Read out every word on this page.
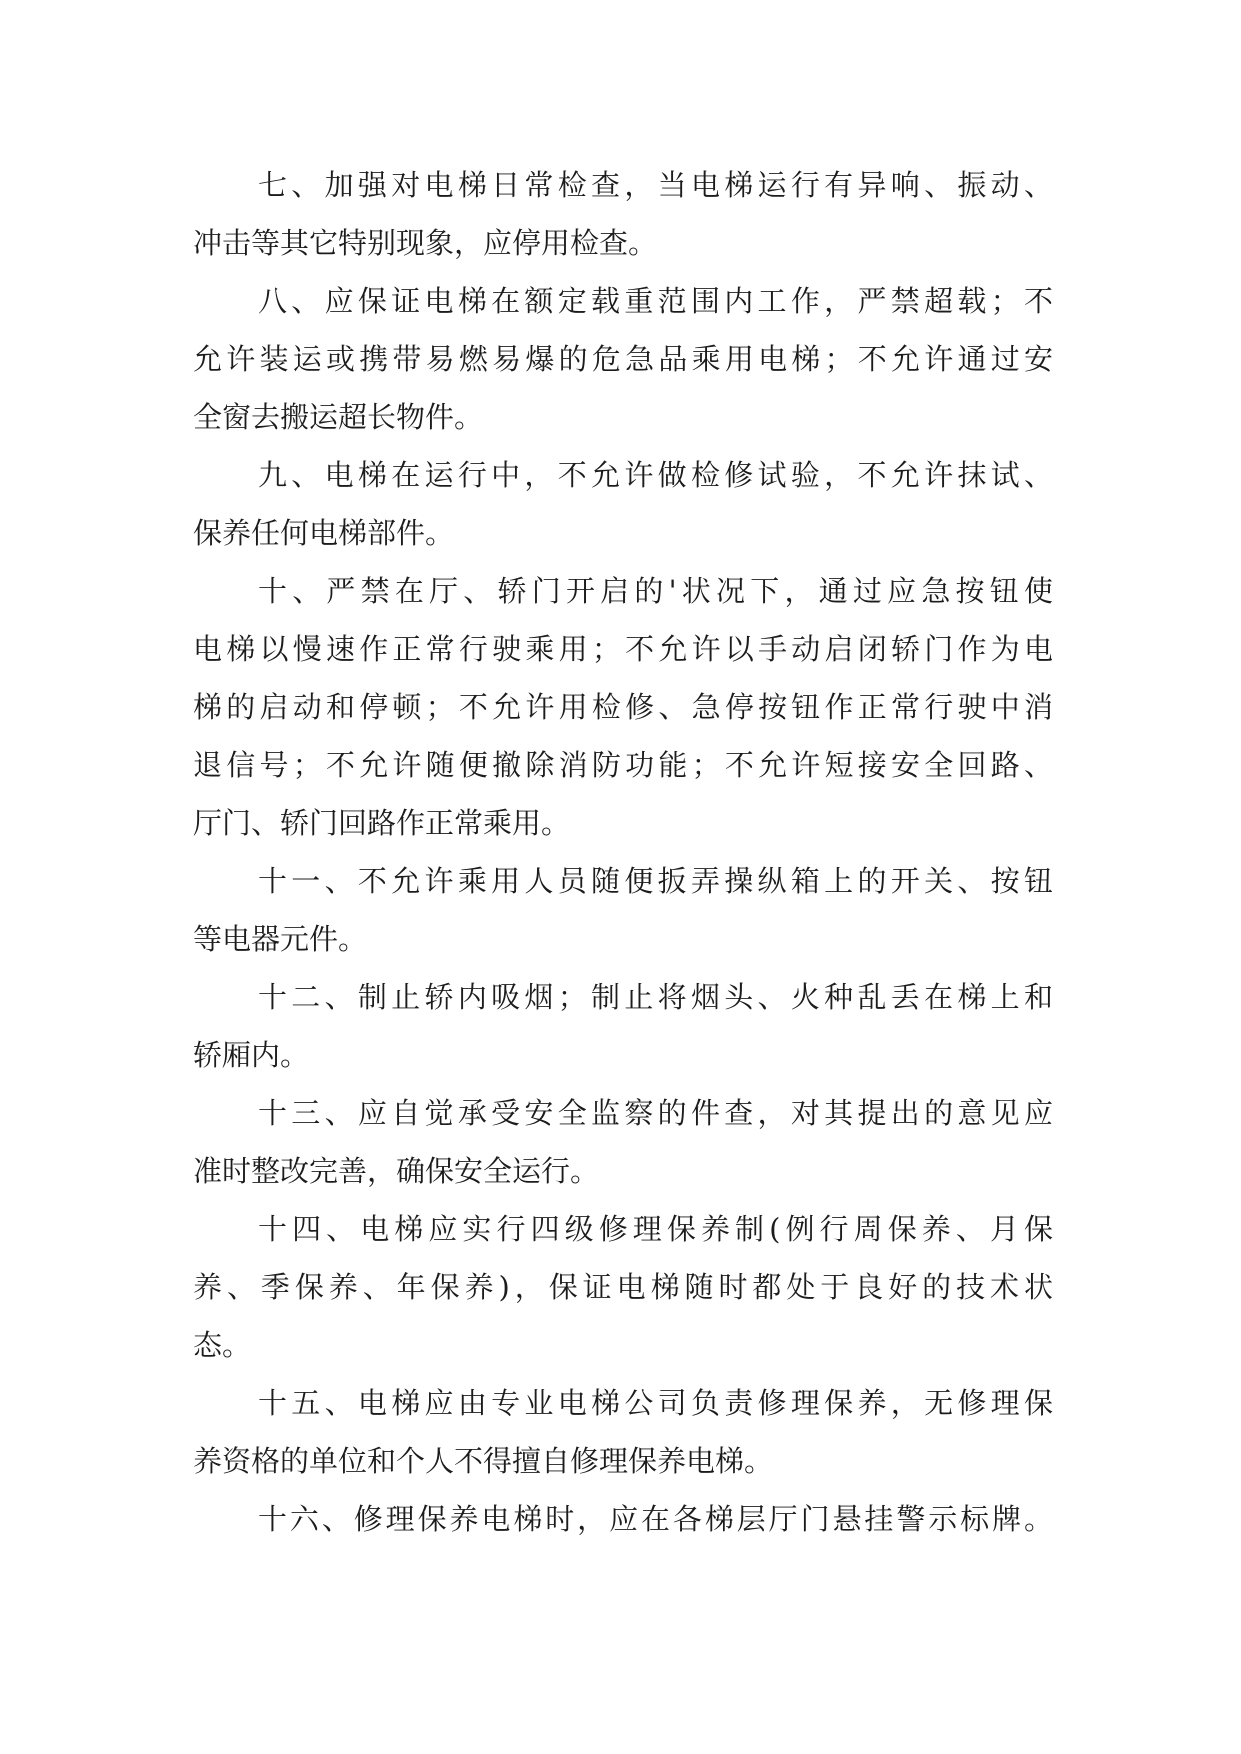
七、加强对电梯日常检查，当电梯运行有异响、振动、
冲击等其它特别现象，应停用检查。
八、应保证电梯在额定载重范围内工作，严禁超载；不
允许装运或携带易燃易爆的危急品乘用电梯；不允许通过安
全窗去搬运超长物件。
九、电梯在运行中，不允许做检修试验，不允许抹试、
保养任何电梯部件。
十、严禁在厅、轿门开启的'状况下，通过应急按钮使
电梯以慢速作正常行驶乘用；不允许以手动启闭轿门作为电
梯的启动和停顿；不允许用检修、急停按钮作正常行驶中消
退信号；不允许随便撤除消防功能；不允许短接安全回路、
厅门、轿门回路作正常乘用。
十一、不允许乘用人员随便扳弄操纵箱上的开关、按钮
等电器元件。
十二、制止轿内吸烟；制止将烟头、火种乱丢在梯上和
轿厢内。
十三、应自觉承受安全监察的件查，对其提出的意见应
准时整改完善，确保安全运行。
十四、电梯应实行四级修理保养制(例行周保养、月保
养、季保养、年保养)，保证电梯随时都处于良好的技术状
态。
十五、电梯应由专业电梯公司负责修理保养，无修理保
养资格的单位和个人不得擅自修理保养电梯。
十六、修理保养电梯时，应在各梯层厅门悬挂警示标牌。
